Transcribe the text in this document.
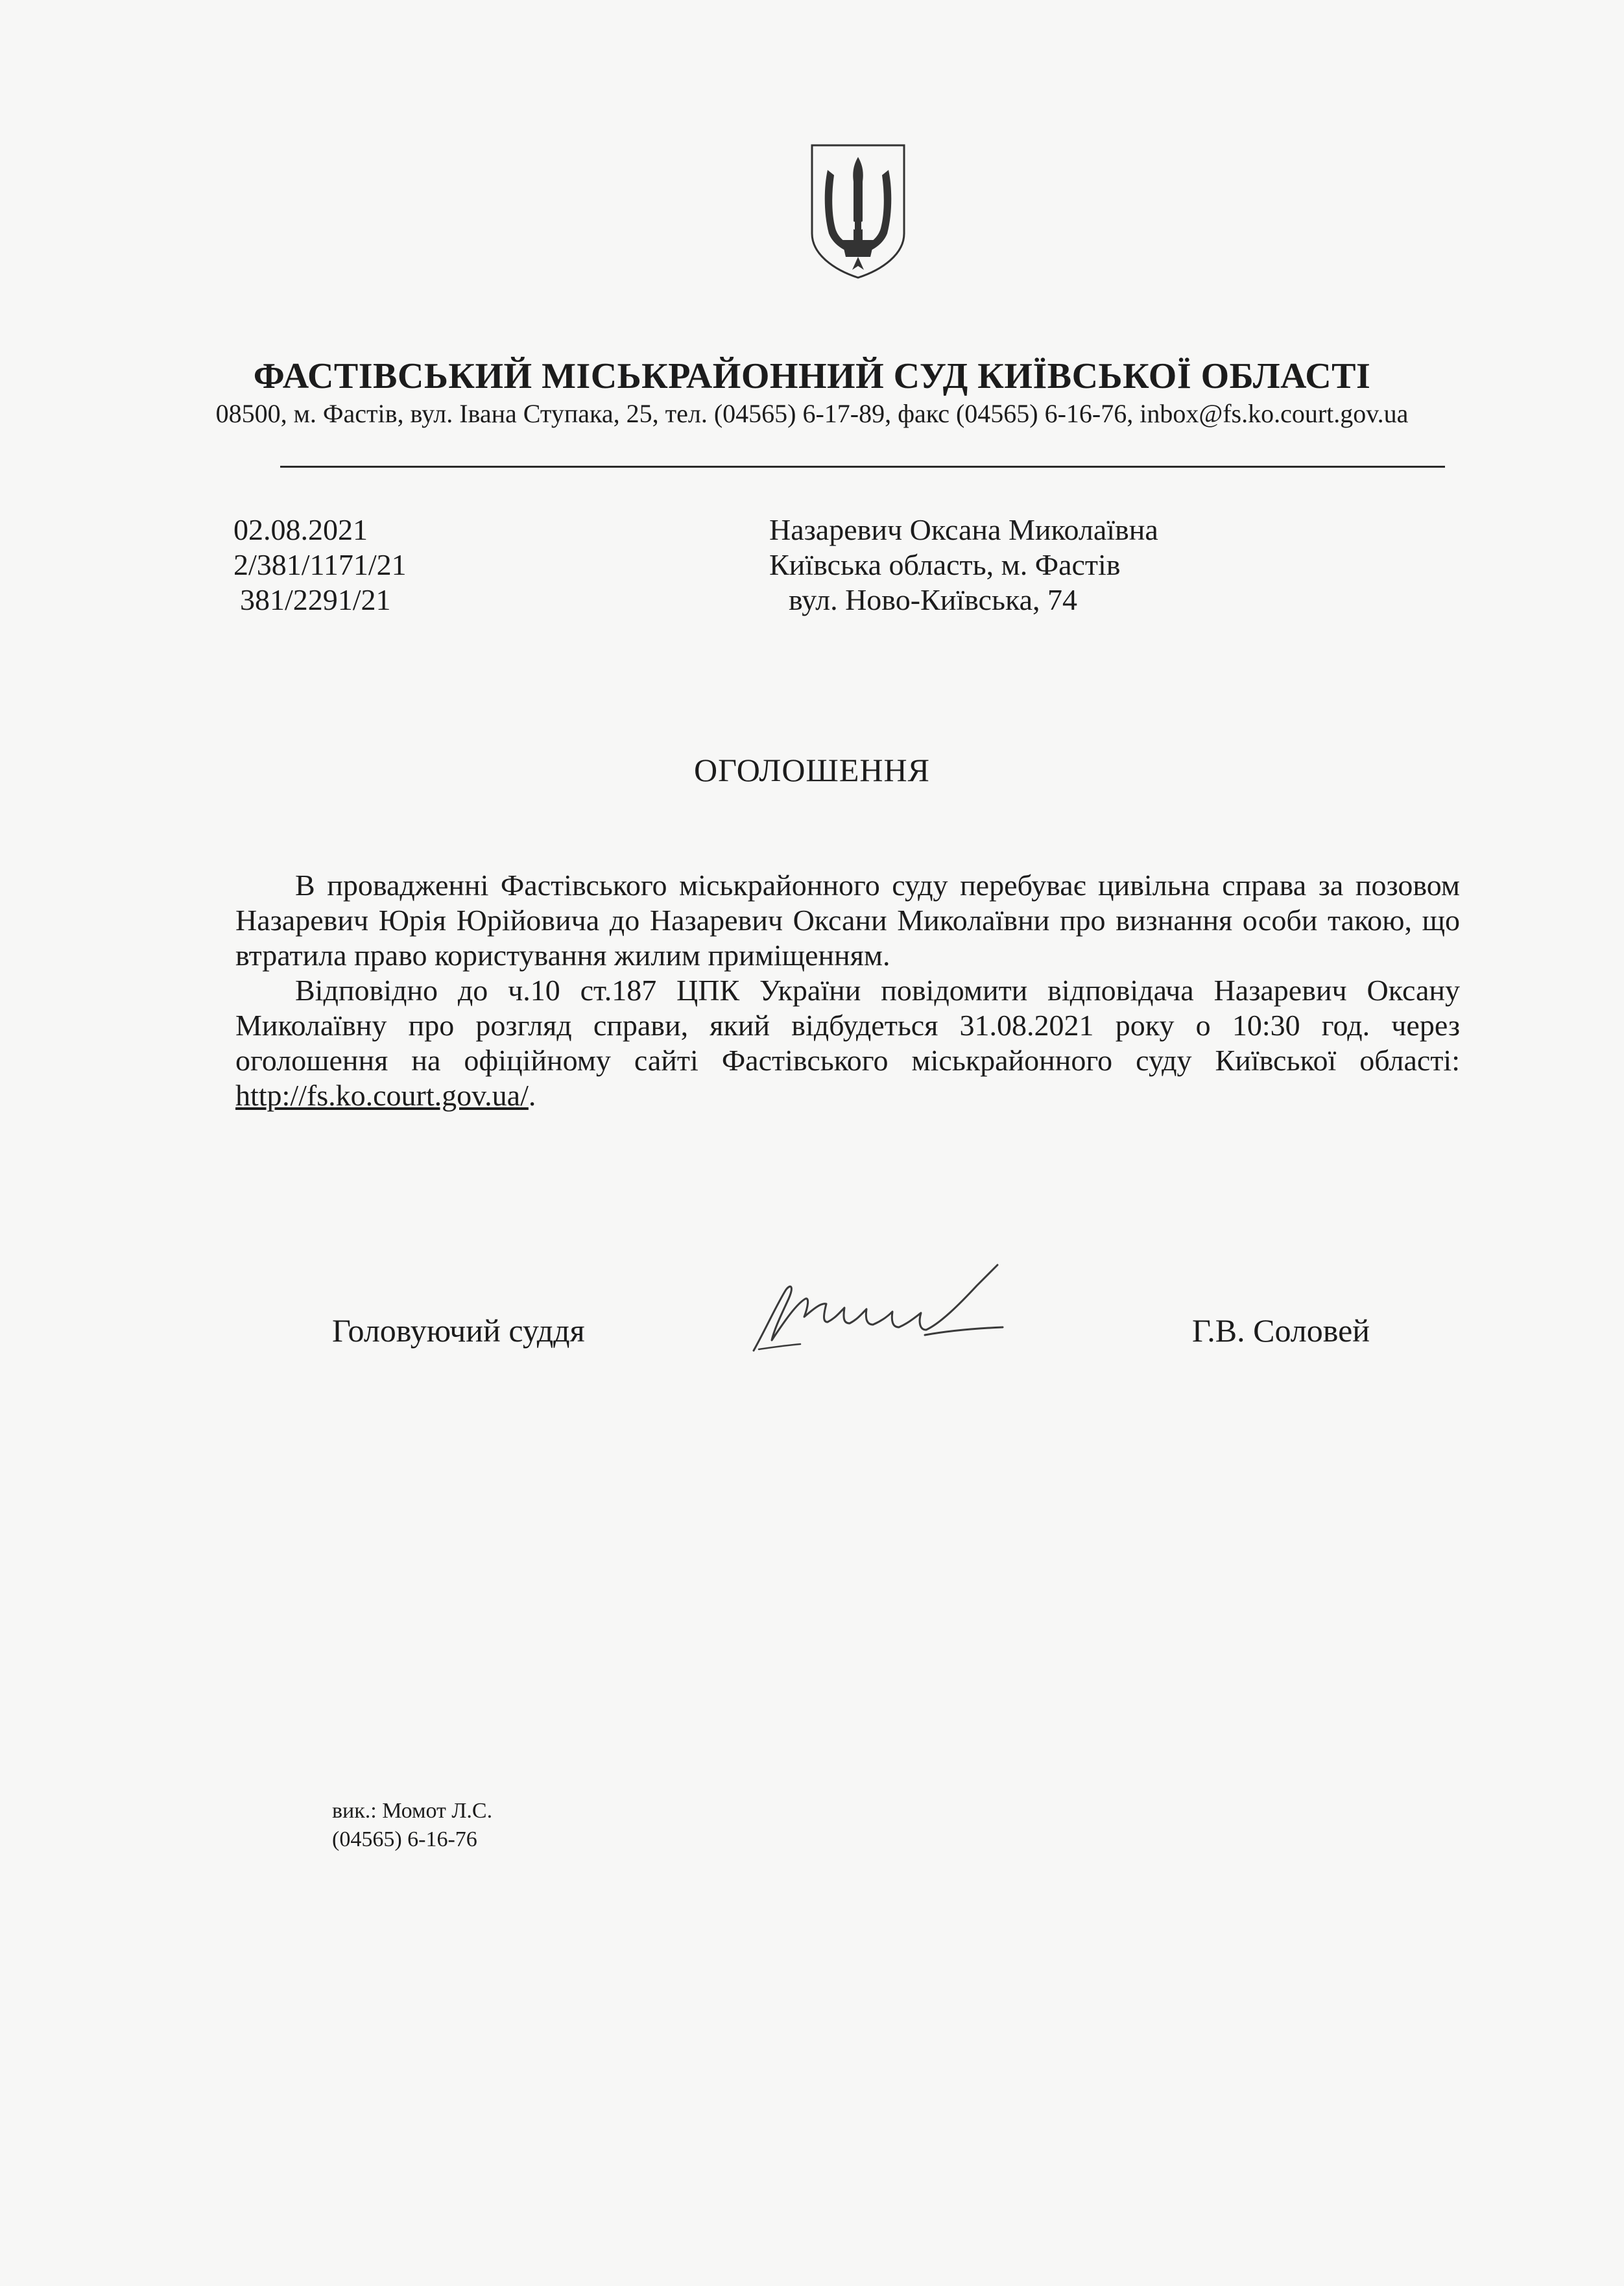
ФАСТІВСЬКИЙ МІСЬКРАЙОННИЙ СУД КИЇВСЬКОЇ ОБЛАСТІ
08500, м. Фастів, вул. Івана Ступака, 25, тел. (04565) 6-17-89, факс (04565) 6-16-76, inbox@fs.ko.court.gov.ua
02.08.2021
2/381/1171/21
381/2291/21
Назаревич Оксана Миколаївна
Київська область, м. Фастів
вул. Ново-Київська, 74
ОГОЛОШЕННЯ

В провадженні Фастівського міськрайонного суду перебуває цивільна справа за позовом Назаревич Юрія Юрійовича до Назаревич Оксани Миколаївни про визнання особи такою, що втратила право користування жилим приміщенням.

Відповідно до ч.10 ст.187 ЦПК України повідомити відповідача Назаревич Оксану Миколаївну про розгляд справи, який відбудеться 31.08.2021 року о 10:30 год. через оголошення на офіційному сайті Фастівського міськрайонного суду Київської області: http://fs.ko.court.gov.ua/.

Головуючий суддя	Г.В. Соловей
вик.: Момот Л.С.
(04565) 6-16-76
